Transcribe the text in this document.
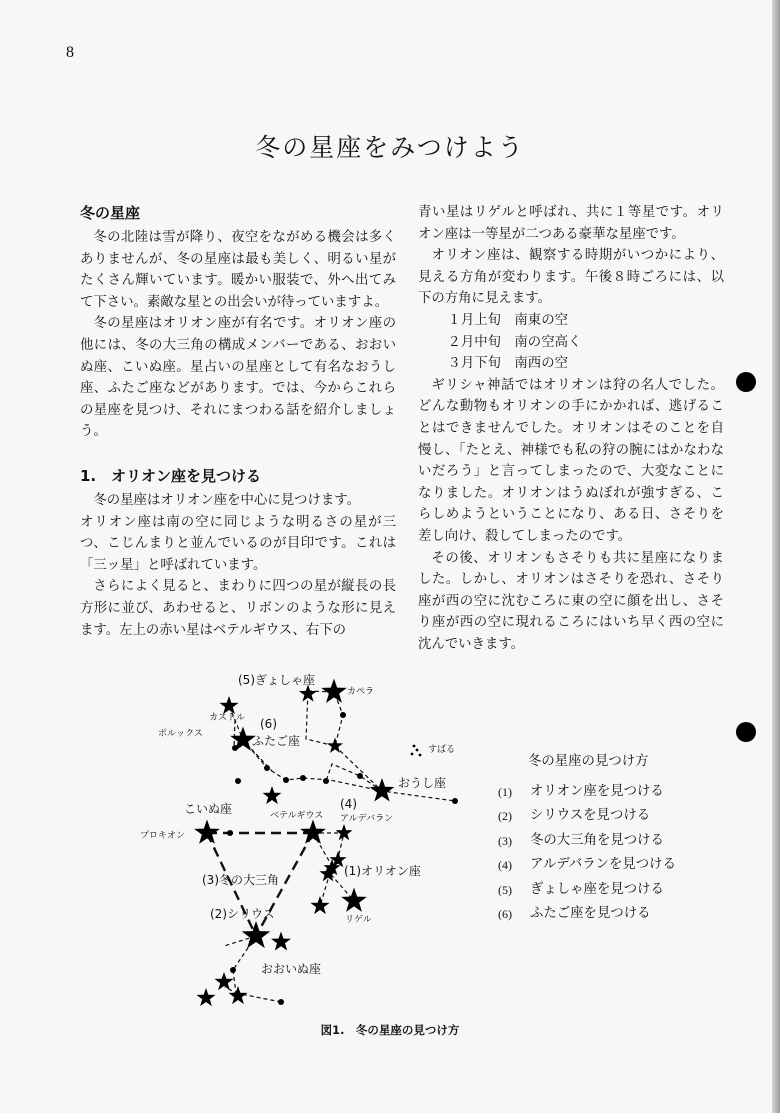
8
冬の星座をみつけよう
冬の星座

冬の北陸は雪が降り、夜空をながめる機会は多くありませんが、冬の星座は最も美しく、明るい星がたくさん輝いています。暖かい服装で、外へ出てみて下さい。素敵な星との出会いが待っていますよ。

冬の星座はオリオン座が有名です。オリオン座の他には、冬の大三角の構成メンバーである、おおいぬ座、こいぬ座。星占いの星座として有名なおうし座、ふたご座などがあります。では、今からこれらの星座を見つけ、それにまつわる話を紹介しましょう。

1.　オリオン座を見つける

冬の星座はオリオン座を中心に見つけます。

オリオン座は南の空に同じような明るさの星が三つ、こじんまりと並んでいるのが目印です。これは「三ッ星」と呼ばれています。

さらによく見ると、まわりに四つの星が縦長の長方形に並び、あわせると、リボンのような形に見えます。左上の赤い星はベテルギウス、右下の

青い星はリゲルと呼ばれ、共に１等星です。オリオン座は一等星が二つある豪華な星座です。

オリオン座は、観察する時期がいつかにより、見える方角が変わります。午後８時ごろには、以下の方角に見えます。

１月上旬　南東の空
２月中旬　南の空高く
３月下旬　南西の空

ギリシャ神話ではオリオンは狩の名人でした。どんな動物もオリオンの手にかかれば、逃げることはできませんでした。オリオンはそのことを自慢し、「たとえ、神様でも私の狩の腕にはかなわないだろう」と言ってしまったので、大変なことになりました。オリオンはうぬぼれが強すぎる、こらしめようということになり、ある日、さそりを差し向け、殺してしまったのです。

その後、オリオンもさそりも共に星座になりました。しかし、オリオンはさそりを恐れ、さそり座が西の空に沈むころに東の空に顔を出し、さそり座が西の空に現れるころにはいち早く西の空に沈んでいきます。

(5)ぎょしゃ座
カペラ
カストル (6)
ポルックス	ふたご座
すばる
おうし座
(4)
アルデバラン
ベテルギウス
こいぬ座
プロキオン
(1)オリオン座
リゲル
(3)冬の大三角
(2)シリウス
おおいぬ座
冬の星座の見つけ方
(1)	オリオン座を見つける
(2)	シリウスを見つける
(3)	冬の大三角を見つける
(4)	アルデバランを見つける
(5)	ぎょしゃ座を見つける
(6)	ふたご座を見つける
図1.　冬の星座の見つけ方
